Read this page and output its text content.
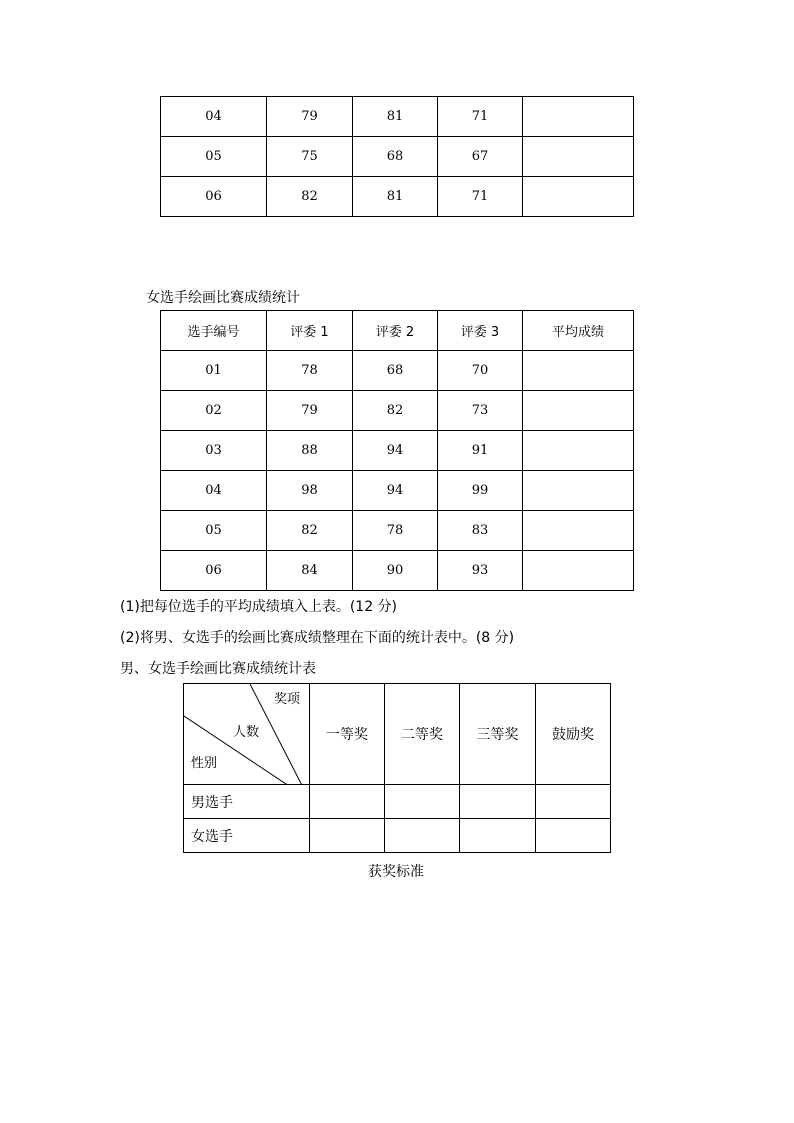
04	79	81	71	
05	75	68	67	
06	82	81	71	
女选手绘画比赛成绩统计
选手编号	评委 1	评委 2	评委 3	平均成绩
01	78	68	70	
02	79	82	73	
03	88	94	91	
04	98	94	99	
05	82	78	83	
06	84	90	93	
(1)把每位选手的平均成绩填入上表。(12 分)
(2)将男、女选手的绘画比赛成绩整理在下面的统计表中。(8 分)
男、女选手绘画比赛成绩统计表
奖项
人数
性别	一等奖	二等奖	三等奖	鼓励奖
男选手				
女选手				
获奖标准
